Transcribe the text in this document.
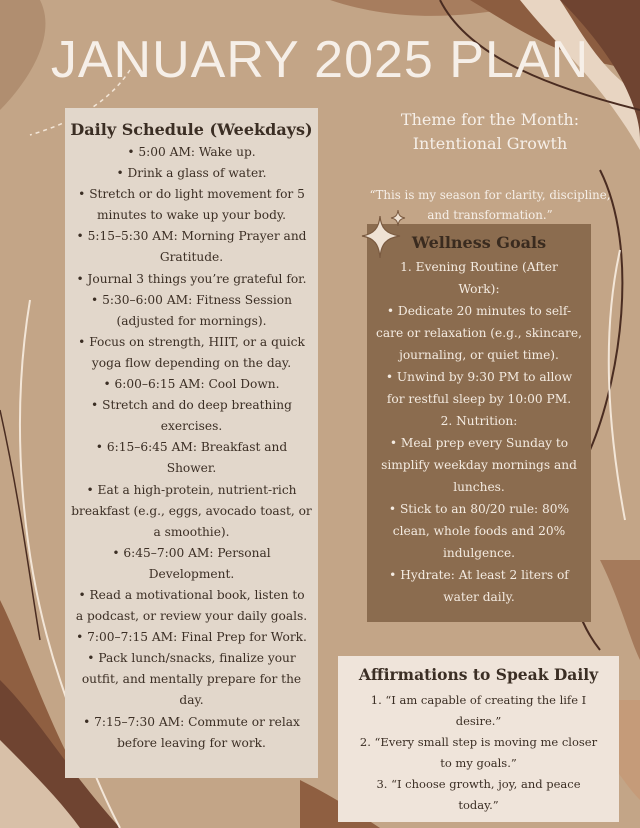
JANUARY 2025 PLAN
Daily Schedule (Weekdays)
• 5:00 AM: Wake up.
• Drink a glass of water.
• Stretch or do light movement for 5
minutes to wake up your body.
• 5:15–5:30 AM: Morning Prayer and
Gratitude.
• Journal 3 things you’re grateful for.
• 5:30–6:00 AM: Fitness Session
(adjusted for mornings).
• Focus on strength, HIIT, or a quick
yoga flow depending on the day.
• 6:00–6:15 AM: Cool Down.
• Stretch and do deep breathing
exercises.
• 6:15–6:45 AM: Breakfast and
Shower.
• Eat a high-protein, nutrient-rich
breakfast (e.g., eggs, avocado toast, or
a smoothie).
• 6:45–7:00 AM: Personal
Development.
• Read a motivational book, listen to
a podcast, or review your daily goals.
• 7:00–7:15 AM: Final Prep for Work.
• Pack lunch/snacks, finalize your
outfit, and mentally prepare for the
day.
• 7:15–7:30 AM: Commute or relax
before leaving for work.
Theme for the Month:
Intentional Growth
“This is my season for clarity, discipline,
and transformation.”
Wellness Goals
1. Evening Routine (After
Work):
• Dedicate 20 minutes to self-
care or relaxation (e.g., skincare,
journaling, or quiet time).
• Unwind by 9:30 PM to allow
for restful sleep by 10:00 PM.
2. Nutrition:
• Meal prep every Sunday to
simplify weekday mornings and
lunches.
• Stick to an 80/20 rule: 80%
clean, whole foods and 20%
indulgence.
• Hydrate: At least 2 liters of
water daily.
Affirmations to Speak Daily
1. “I am capable of creating the life I
desire.”
2. “Every small step is moving me closer
to my goals.”
3. “I choose growth, joy, and peace
today.”
